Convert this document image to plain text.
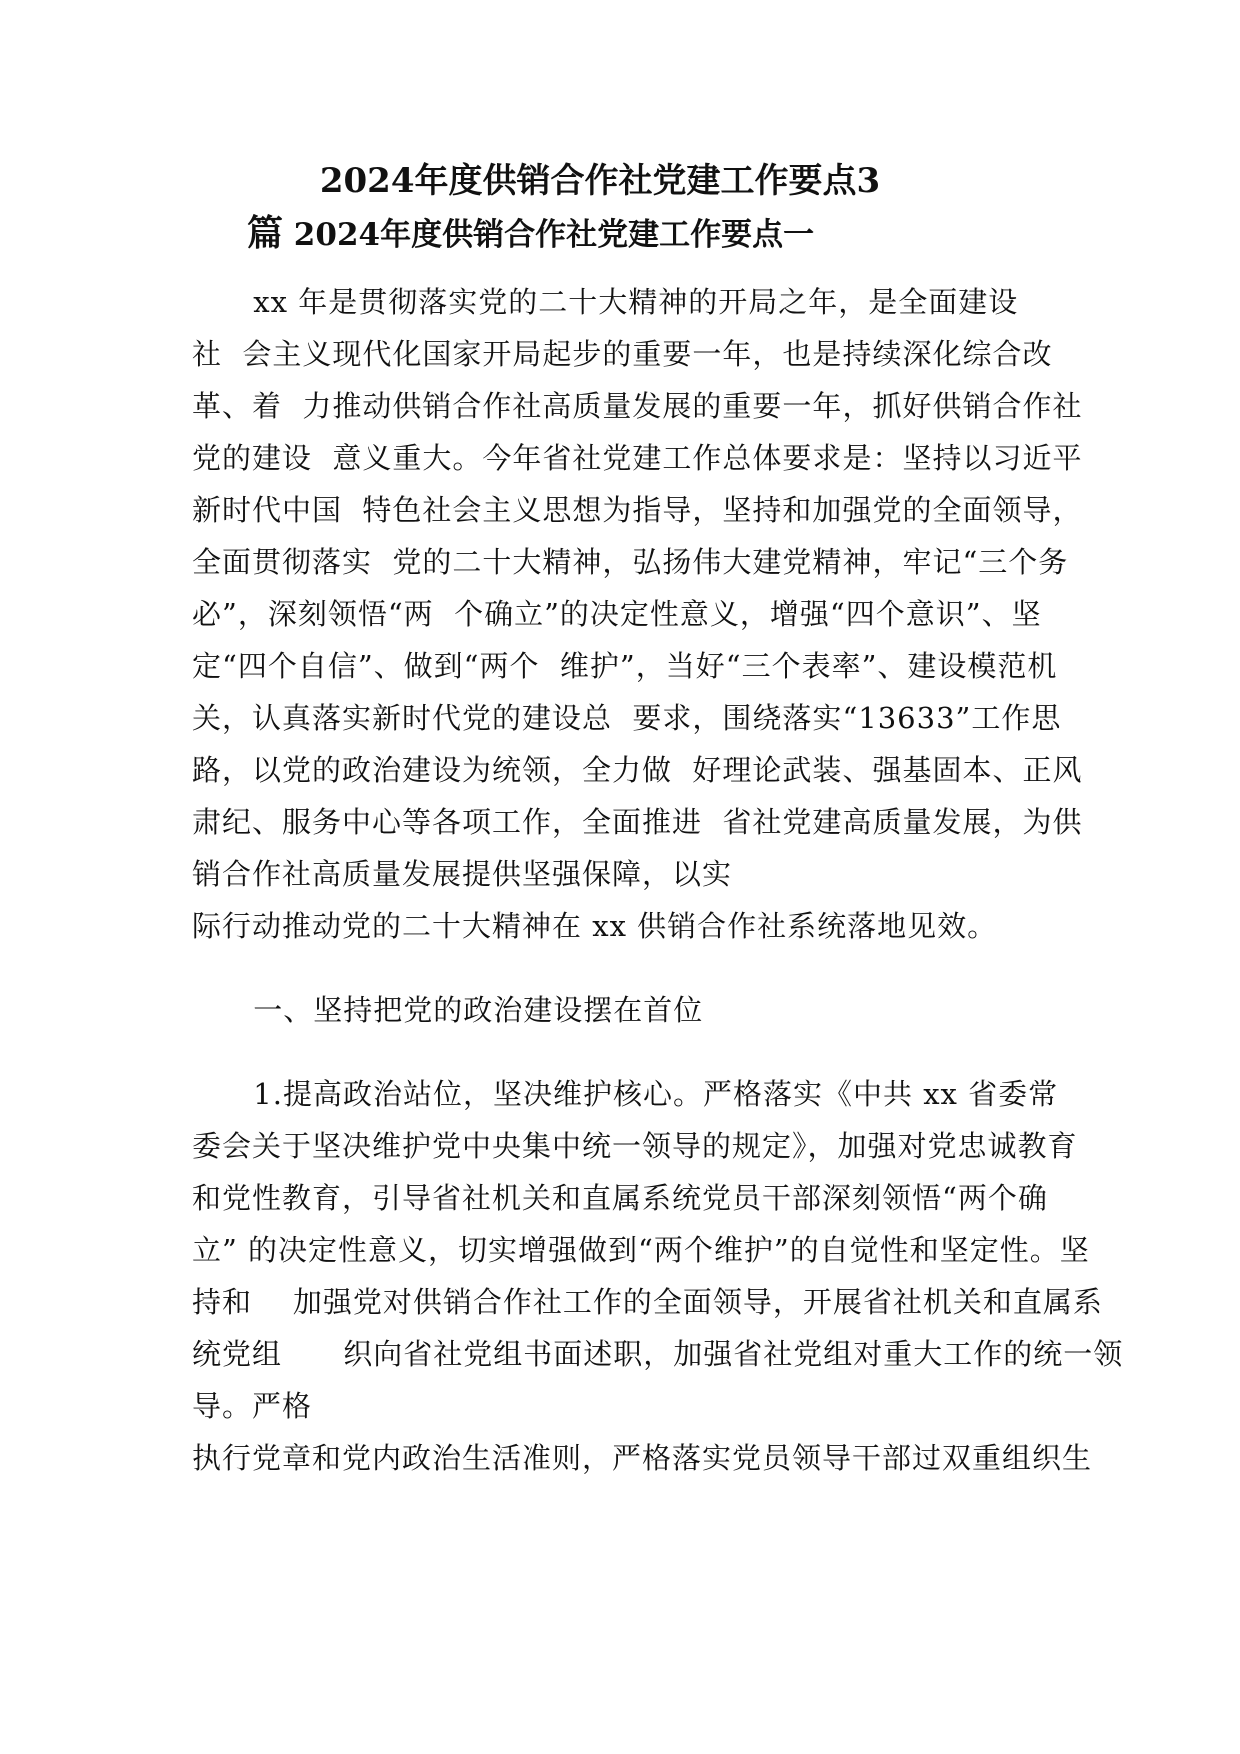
2024年度供销合作社党建工作要点3
篇 2024年度供销合作社党建工作要点一

xx 年是贯彻落实党的二十大精神的开局之年，是全面建设

社  会主义现代化国家开局起步的重要一年，也是持续深化综合改

革、着  力推动供销合作社高质量发展的重要一年，抓好供销合作社

党的建设  意义重大。今年省社党建工作总体要求是：坚持以习近平

新时代中国  特色社会主义思想为指导，坚持和加强党的全面领导，

全面贯彻落实  党的二十大精神，弘扬伟大建党精神，牢记“三个务

必”，深刻领悟“两  个确立”的决定性意义，增强“四个意识”、坚

定“四个自信”、做到“两个  维护”，当好“三个表率”、建设模范机

关，认真落实新时代党的建设总  要求，围绕落实“13633”工作思

路，以党的政治建设为统领，全力做  好理论武装、强基固本、正风

肃纪、服务中心等各项工作，全面推进  省社党建高质量发展，为供

销合作社高质量发展提供坚强保障，以实

际行动推动党的二十大精神在 xx 供销合作社系统落地见效。

一、坚持把党的政治建设摆在首位

1.提高政治站位，坚决维护核心。严格落实《中共 xx 省委常

委会关于坚决维护党中央集中统一领导的规定》，加强对党忠诚教育

和党性教育，引导省社机关和直属系统党员干部深刻领悟“两个确

立” 的决定性意义，切实增强做到“两个维护”的自觉性和坚定性。坚

持和    加强党对供销合作社工作的全面领导，开展省社机关和直属系

统党组      织向省社党组书面述职，加强省社党组对重大工作的统一领

导。严格

执行党章和党内政治生活准则，严格落实党员领导干部过双重组织生
